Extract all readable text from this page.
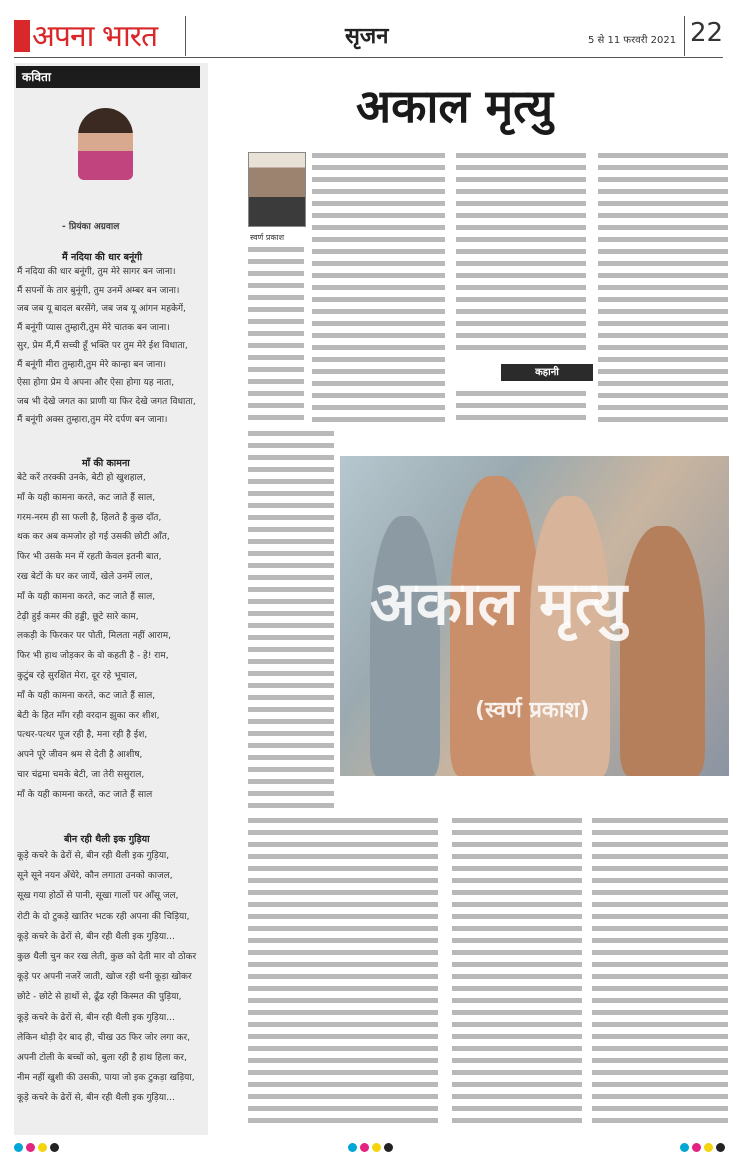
अपना भारत	सृजन	5 से 11 फरवरी 2021 22
कविता
- प्रियंका अग्रवाल
मैं नदिया की धार बनूंगी
मैं नदिया की धार बनूंगी, तुम मेरे सागर बन जाना।
मैं सपनों के तार बुनूंगी, तुम उनमें अम्बर बन जाना।
जब जब यू बादल बरसेंगे, जब जब यू आंगन महकेगें,
मैं बनूंगी प्यास तुम्हारी,तुम मेरे चातक बन जाना।
सुर, प्रेम मैं,मैं सच्ची हूँ भक्ति पर तुम मेरे ईश विधाता,
मैं बनूंगी मीरा तुम्हारी,तुम मेरे कान्हा बन जाना।
ऐसा होगा प्रेम ये अपना और ऐसा होगा यह नाता,
जब भी देखे जगत का प्राणी या फिर देखे जगत विधाता,
मैं बनूंगी अक्स तुम्हारा,तुम मेरे दर्पण बन जाना।
माँ की कामना
बेटे करें तरक्की उनके, बेटी हो खुशहाल,
माँ के यही कामना करते, कट जाते हैं साल,
गरम-नरम ही सा फली है, हिलते है कुछ दाँत,
थक कर अब कमजोर हो गई उसकी छोटी आँत,
फिर भी उसके मन में रहती केवल इतनी बात,
रख बेटों के घर कर जायें, खेले उनमें लाल,
माँ के यही कामना करते, कट जाते हैं साल,
टेढ़ी हुई कमर की हड्डी, छूटे सारे काम,
लकड़ी के फिरकर पर पोती, मिलता नहीं आराम,
फिर भी हाथ जोड़कर के वो कहती है - हे! राम,
कुटुंब रहे सुरक्षित मेरा, दूर रहे भूचाल,
माँ के यही कामना करते, कट जाते हैं साल,
बेटी के हित माँग रही वरदान झुका कर शीश,
पत्थर-पत्थर पूज रही है, मना रही है ईश,
अपने पूरे जीवन श्रम से देती है आशीष,
चार चंद्रमा चमके बेटी, जा तेरी ससुराल,
माँ के यही कामना करते, कट जाते हैं साल
बीन रही थैली इक गुड़िया
कूड़े कचरे के ढेरों से, बीन रही थैली इक गुड़िया,
सूने सूने नयन अँधेरे, कौन लगाता उनको काजल,
सूख गया होठों से पानी, सूखा गालों पर आँसू जल,
रोटी के दो टुकड़े खातिर भटक रही अपना की चिड़िया,
कूड़े कचरे के ढेरों से, बीन रही थैली इक गुड़िया...
कुछ थैली चुन कर रख लेती, कुछ को देती मार वो ठोकर
कूड़े पर अपनी नजरें जाती, खोज रही धनी कूड़ा खोकर
छोटे - छोटे से हाथों से, ढूँढ रही किस्मत की पुड़िया,
कूड़े कचरे के ढेरों से, बीन रही थैली इक गुड़िया...
लेकिन थोड़ी देर बाद ही, चीख उठ फिर जोर लगा कर,
अपनी टोली के बच्चों को, बुला रही है हाथ हिला कर,
नीम नहीं खुशी की उसकी, पाया जो इक टुकड़ा खड़िया,
कूड़े कचरे के ढेरों से, बीन रही थैली इक गुड़िया...
अकाल मृत्यु
स्वर्ण प्रकाश
कहानी
अकाल मृत्यु
(स्वर्ण प्रकाश)
